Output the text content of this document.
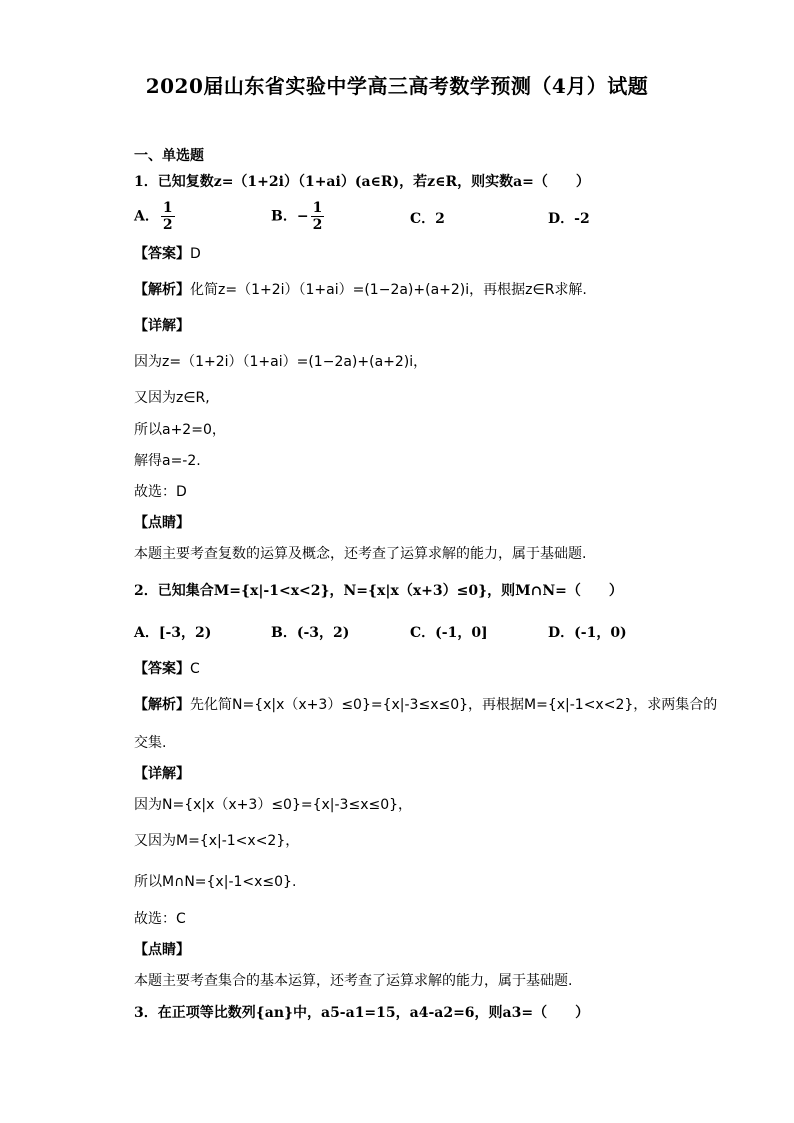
2020届山东省实验中学高三高考数学预测（4月）试题
一、单选题
1．已知复数z=（1+2i）（1+ai）(a∈R)，若z∈R，则实数a=（　　）
A． $\frac{1}{2}$	B．− $\frac{1}{2}$	C．2	D．-2
【答案】D
【解析】化简z=（1+2i）（1+ai）=(1−2a)+(a+2)i，再根据z∈R求解.
【详解】
因为z=（1+2i）（1+ai）=(1−2a)+(a+2)i，
又因为z∈R,
所以a+2=0，
解得a=-2.
故选：D
【点睛】
本题主要考查复数的运算及概念，还考查了运算求解的能力，属于基础题.
2．已知集合M={x|-1<x<2}，N={x|x（x+3）≤0}，则M∩N=（　　）
A．[-3，2)	B．(-3，2)	C．(-1，0]	D．(-1，0)
【答案】C
【解析】先化简N={x|x（x+3）≤0}={x|-3≤x≤0}，再根据M={x|-1<x<2}，求两集合的
交集.
【详解】
因为N={x|x（x+3）≤0}={x|-3≤x≤0}，
又因为M={x|-1<x<2}，
所以M∩N={x|-1<x≤0}.
故选：C
【点睛】
本题主要考查集合的基本运算，还考查了运算求解的能力，属于基础题.
3．在正项等比数列{an}中，a5-a1=15，a4-a2=6，则a3=（　　）
